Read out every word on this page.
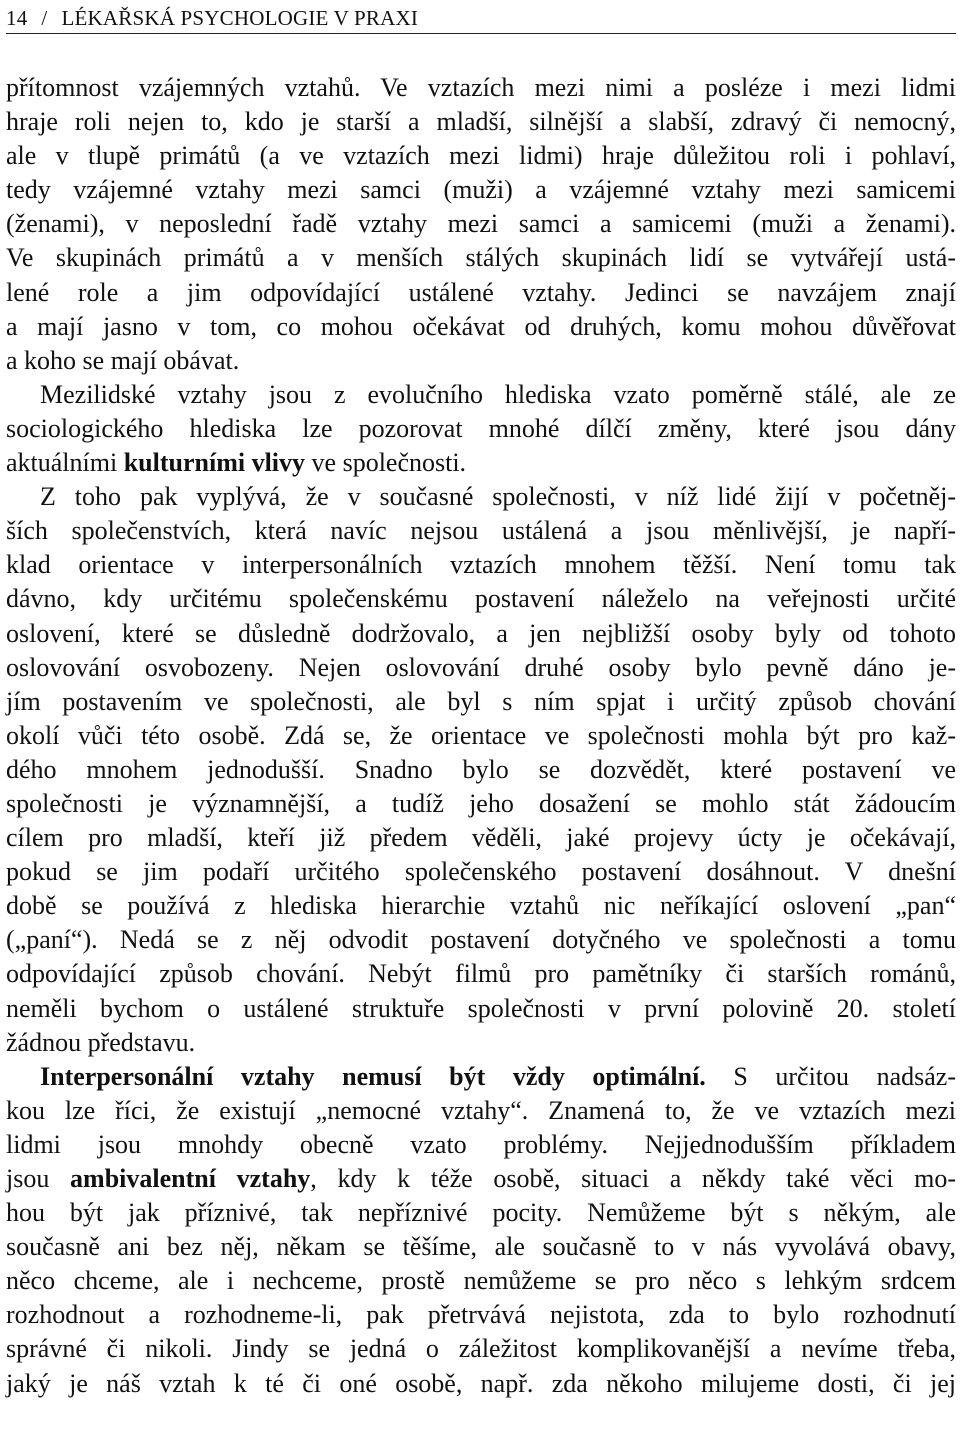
14 / LÉKAŘSKÁ PSYCHOLOGIE V PRAXI
přítomnost vzájemných vztahů. Ve vztazích mezi nimi a posléze i mezi lidmi
hraje roli nejen to, kdo je starší a mladší, silnější a slabší, zdravý či nemocný,
ale v tlupě primátů (a ve vztazích mezi lidmi) hraje důležitou roli i pohlaví,
tedy vzájemné vztahy mezi samci (muži) a vzájemné vztahy mezi samicemi
(ženami), v neposlední řadě vztahy mezi samci a samicemi (muži a ženami).
Ve skupinách primátů a v menších stálých skupinách lidí se vytvářejí ustá-
lené role a jim odpovídající ustálené vztahy. Jedinci se navzájem znají
a mají jasno v tom, co mohou očekávat od druhých, komu mohou důvěřovat
a koho se mají obávat.
Mezilidské vztahy jsou z evolučního hlediska vzato poměrně stálé, ale ze
sociologického hlediska lze pozorovat mnohé dílčí změny, které jsou dány
aktuálními kulturními vlivy ve společnosti.
Z toho pak vyplývá, že v současné společnosti, v níž lidé žijí v početněj-
ších společenstvích, která navíc nejsou ustálená a jsou měnlivější, je napří-
klad orientace v interpersonálních vztazích mnohem těžší. Není tomu tak
dávno, kdy určitému společenskému postavení náleželo na veřejnosti určité
oslovení, které se důsledně dodržovalo, a jen nejbližší osoby byly od tohoto
oslovování osvobozeny. Nejen oslovování druhé osoby bylo pevně dáno je-
jím postavením ve společnosti, ale byl s ním spjat i určitý způsob chování
okolí vůči této osobě. Zdá se, že orientace ve společnosti mohla být pro kaž-
dého mnohem jednodušší. Snadno bylo se dozvědět, které postavení ve
společnosti je významnější, a tudíž jeho dosažení se mohlo stát žádoucím
cílem pro mladší, kteří již předem věděli, jaké projevy úcty je očekávají,
pokud se jim podaří určitého společenského postavení dosáhnout. V dnešní
době se používá z hlediska hierarchie vztahů nic neříkající oslovení „pan“
(„paní“). Nedá se z něj odvodit postavení dotyčného ve společnosti a tomu
odpovídající způsob chování. Nebýt filmů pro pamětníky či starších románů,
neměli bychom o ustálené struktuře společnosti v první polovině 20. století
žádnou představu.
Interpersonální vztahy nemusí být vždy optimální. S určitou nadsáz-
kou lze říci, že existují „nemocné vztahy“. Znamená to, že ve vztazích mezi
lidmi jsou mnohdy obecně vzato problémy. Nejjednodušším příkladem
jsou ambivalentní vztahy, kdy k téže osobě, situaci a někdy také věci mo-
hou být jak příznivé, tak nepříznivé pocity. Nemůžeme být s někým, ale
současně ani bez něj, někam se těšíme, ale současně to v nás vyvolává obavy,
něco chceme, ale i nechceme, prostě nemůžeme se pro něco s lehkým srdcem
rozhodnout a rozhodneme-li, pak přetrvává nejistota, zda to bylo rozhodnutí
správné či nikoli. Jindy se jedná o záležitost komplikovanější a nevíme třeba,
jaký je náš vztah k té či oné osobě, např. zda někoho milujeme dosti, či jej
